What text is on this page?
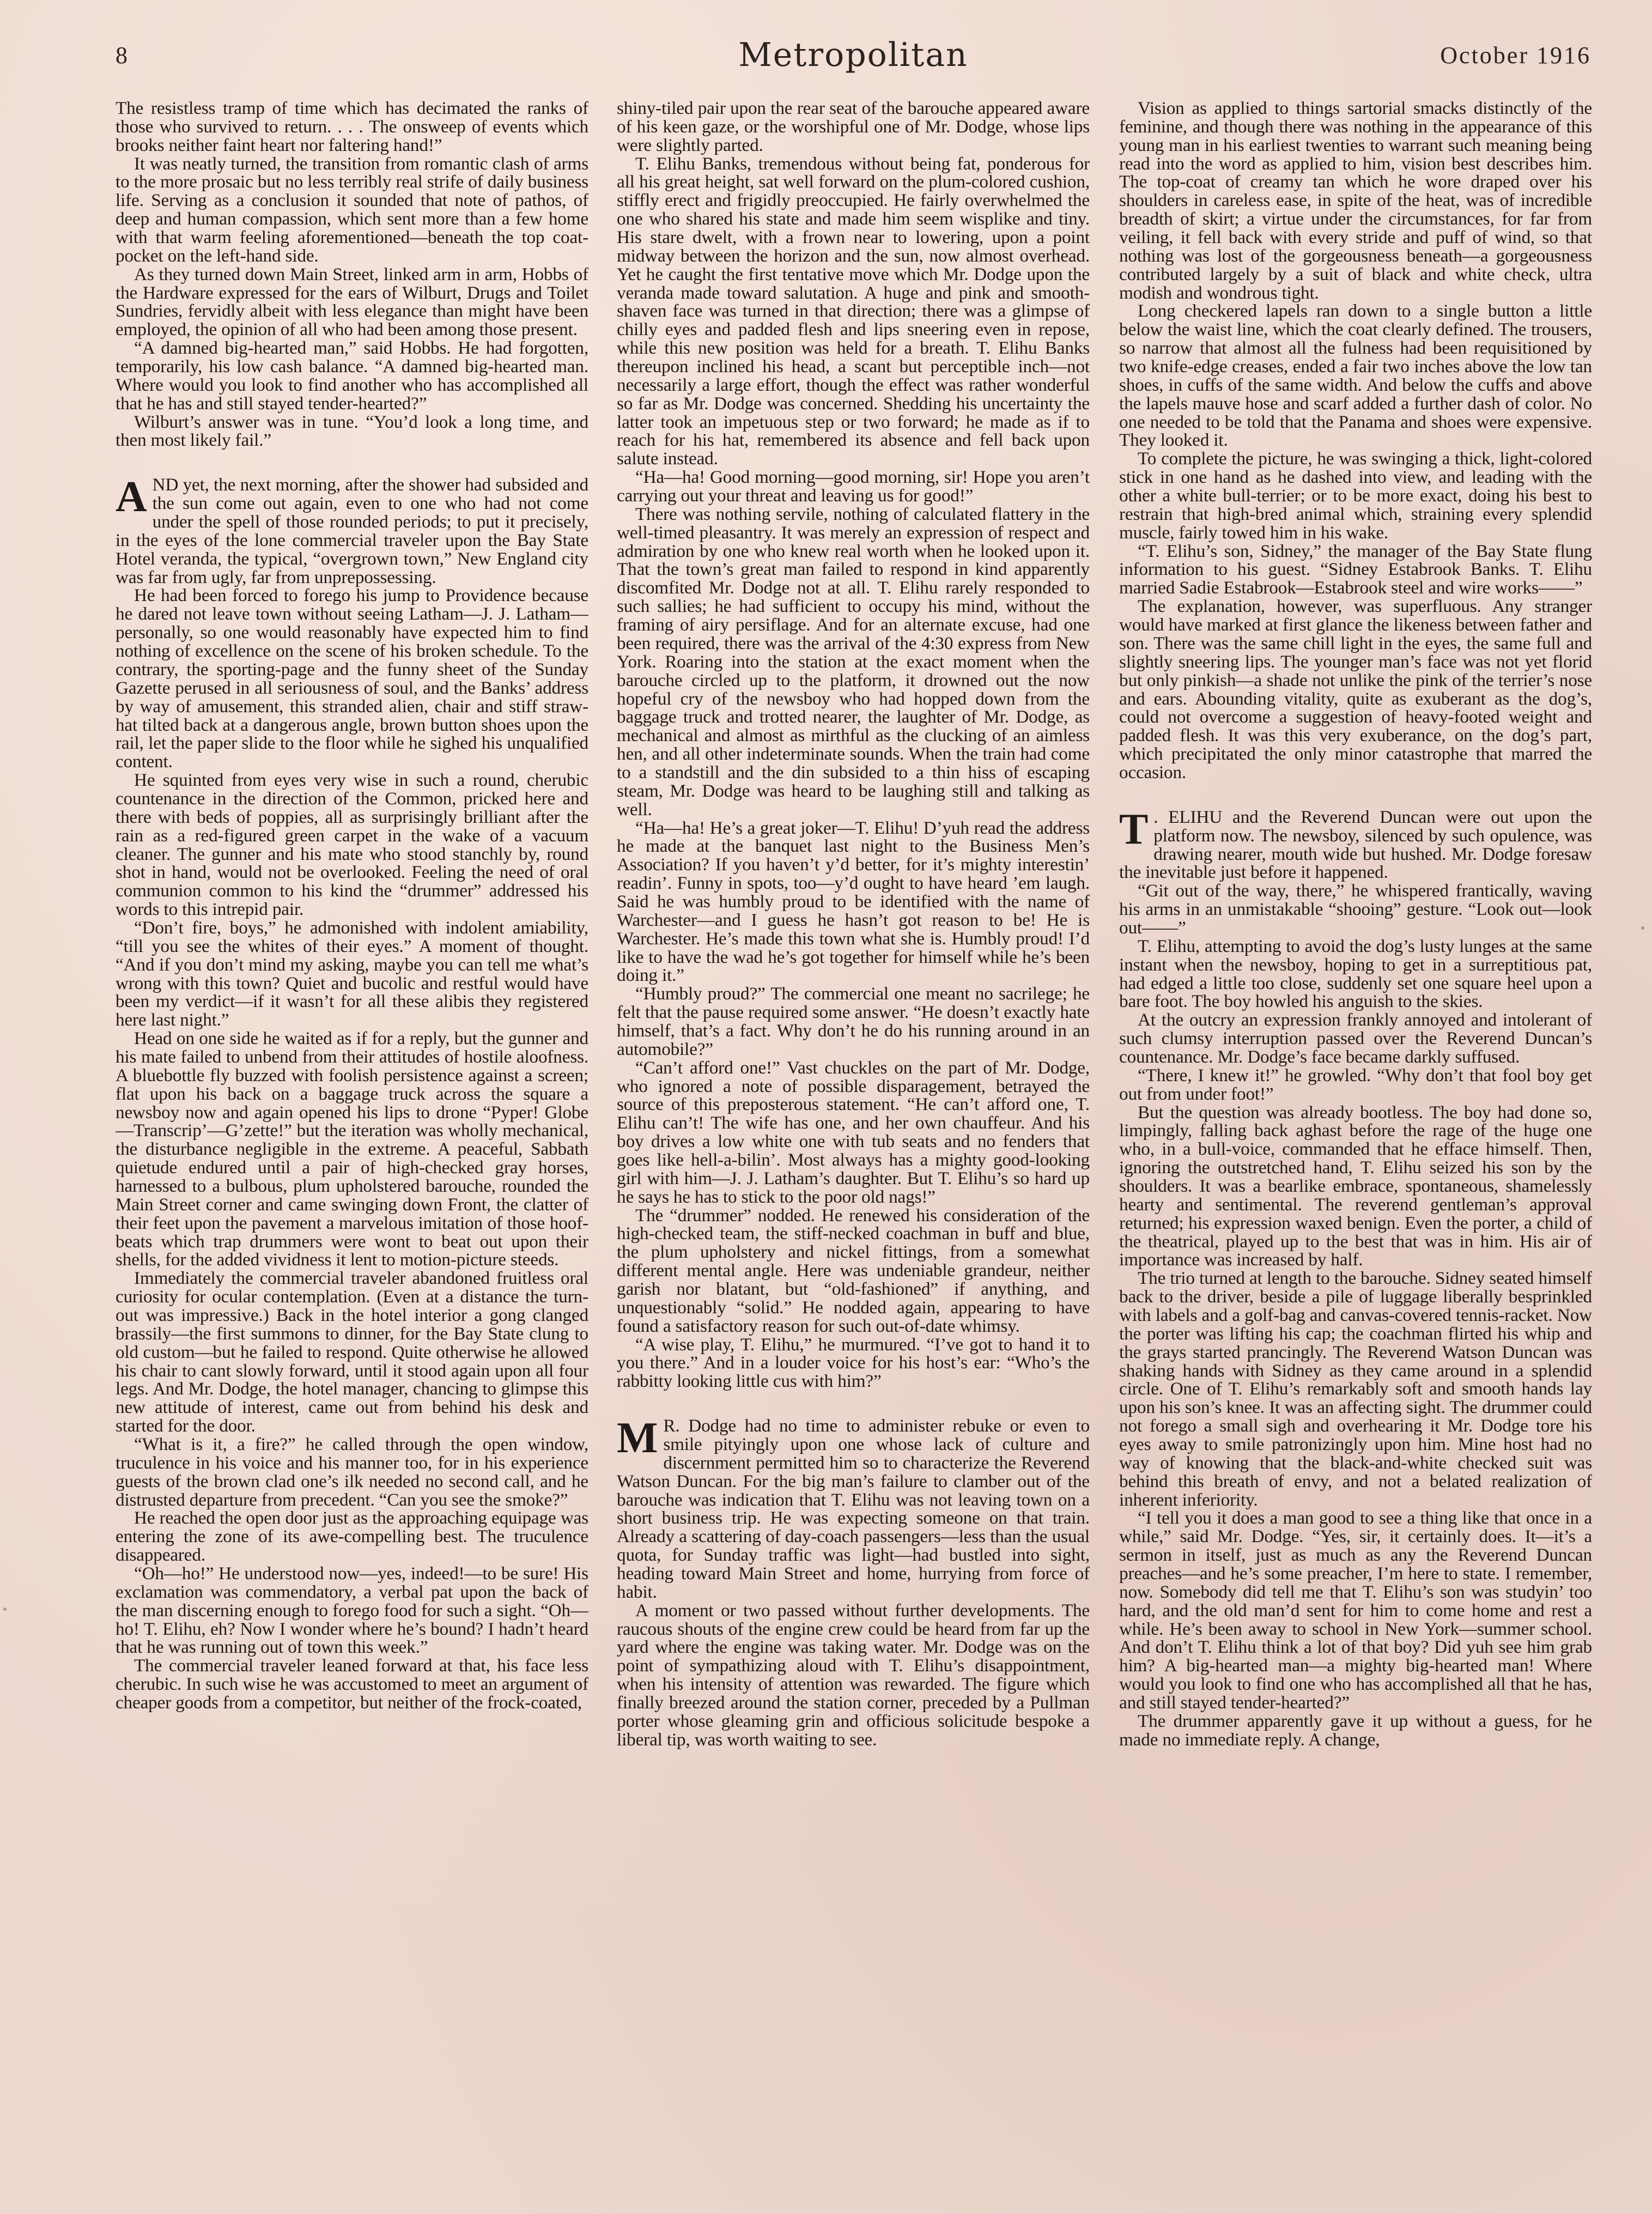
8	Metropolitan	October 1916

The resistless tramp of time which has decimated the ranks of those who survived to return. . . . The onsweep of events which brooks neither faint heart nor faltering hand!”

It was neatly turned, the transition from romantic clash of arms to the more prosaic but no less terribly real strife of daily business life. Serving as a conclusion it sounded that note of pathos, of deep and human compassion, which sent more than a few home with that warm feeling aforementioned—beneath the top coat-pocket on the left-hand side.

As they turned down Main Street, linked arm in arm, Hobbs of the Hardware expressed for the ears of Wilburt, Drugs and Toilet Sundries, fervidly albeit with less elegance than might have been employed, the opinion of all who had been among those present.

“A damned big-hearted man,” said Hobbs. He had forgotten, temporarily, his low cash balance. “A damned big-hearted man. Where would you look to find another who has accomplished all that he has and still stayed tender-hearted?”

Wilburt’s answer was in tune. “You’d look a long time, and then most likely fail.”

AND yet, the next morning, after the shower had subsided and the sun come out again, even to one who had not come under the spell of those rounded periods; to put it precisely, in the eyes of the lone commercial traveler upon the Bay State Hotel veranda, the typical, “overgrown town,” New England city was far from ugly, far from unprepossessing.

He had been forced to forego his jump to Providence because he dared not leave town without seeing Latham—J. J. Latham—personally, so one would reasonably have expected him to find nothing of excellence on the scene of his broken schedule. To the contrary, the sporting-page and the funny sheet of the Sunday Gazette perused in all seriousness of soul, and the Banks’ address by way of amusement, this stranded alien, chair and stiff straw-hat tilted back at a dangerous angle, brown button shoes upon the rail, let the paper slide to the floor while he sighed his unqualified content.

He squinted from eyes very wise in such a round, cherubic countenance in the direction of the Common, pricked here and there with beds of poppies, all as surprisingly brilliant after the rain as a red-figured green carpet in the wake of a vacuum cleaner. The gunner and his mate who stood stanchly by, round shot in hand, would not be overlooked. Feeling the need of oral communion common to his kind the “drummer” addressed his words to this intrepid pair.

“Don’t fire, boys,” he admonished with indolent amiability, “till you see the whites of their eyes.” A moment of thought. “And if you don’t mind my asking, maybe you can tell me what’s wrong with this town? Quiet and bucolic and restful would have been my verdict—if it wasn’t for all these alibis they registered here last night.”

Head on one side he waited as if for a reply, but the gunner and his mate failed to unbend from their attitudes of hostile aloofness. A bluebottle fly buzzed with foolish persistence against a screen; flat upon his back on a baggage truck across the square a newsboy now and again opened his lips to drone “Pyper! Globe—Transcrip’—G’zette!” but the iteration was wholly mechanical, the disturbance negligible in the extreme. A peaceful, Sabbath quietude endured until a pair of high-checked gray horses, harnessed to a bulbous, plum upholstered barouche, rounded the Main Street corner and came swinging down Front, the clatter of their feet upon the pavement a marvelous imitation of those hoof-beats which trap drummers were wont to beat out upon their shells, for the added vividness it lent to motion-picture steeds.

Immediately the commercial traveler abandoned fruitless oral curiosity for ocular contemplation. (Even at a distance the turn-out was impressive.) Back in the hotel interior a gong clanged brassily—the first summons to dinner, for the Bay State clung to old custom—but he failed to respond. Quite otherwise he allowed his chair to cant slowly forward, until it stood again upon all four legs. And Mr. Dodge, the hotel manager, chancing to glimpse this new attitude of interest, came out from behind his desk and started for the door.

“What is it, a fire?” he called through the open window, truculence in his voice and his manner too, for in his experience guests of the brown clad one’s ilk needed no second call, and he distrusted departure from precedent. “Can you see the smoke?”

He reached the open door just as the approaching equipage was entering the zone of its awe-compelling best. The truculence disappeared.

“Oh—ho!” He understood now—yes, indeed!—to be sure! His exclamation was commendatory, a verbal pat upon the back of the man discerning enough to forego food for such a sight. “Oh—ho! T. Elihu, eh? Now I wonder where he’s bound? I hadn’t heard that he was running out of town this week.”

The commercial traveler leaned forward at that, his face less cherubic. In such wise he was accustomed to meet an argument of cheaper goods from a competitor, but neither of the frock-coated,

shiny-tiled pair upon the rear seat of the barouche appeared aware of his keen gaze, or the worshipful one of Mr. Dodge, whose lips were slightly parted.

T. Elihu Banks, tremendous without being fat, ponderous for all his great height, sat well forward on the plum-colored cushion, stiffly erect and frigidly preoccupied. He fairly overwhelmed the one who shared his state and made him seem wisplike and tiny. His stare dwelt, with a frown near to lowering, upon a point midway between the horizon and the sun, now almost overhead. Yet he caught the first tentative move which Mr. Dodge upon the veranda made toward salutation. A huge and pink and smooth-shaven face was turned in that direction; there was a glimpse of chilly eyes and padded flesh and lips sneering even in repose, while this new position was held for a breath. T. Elihu Banks thereupon inclined his head, a scant but perceptible inch—not necessarily a large effort, though the effect was rather wonderful so far as Mr. Dodge was concerned. Shedding his uncertainty the latter took an impetuous step or two forward; he made as if to reach for his hat, remembered its absence and fell back upon salute instead.

“Ha—ha! Good morning—good morning, sir! Hope you aren’t carrying out your threat and leaving us for good!”

There was nothing servile, nothing of calculated flattery in the well-timed pleasantry. It was merely an expression of respect and admiration by one who knew real worth when he looked upon it. That the town’s great man failed to respond in kind apparently discomfited Mr. Dodge not at all. T. Elihu rarely responded to such sallies; he had sufficient to occupy his mind, without the framing of airy persiflage. And for an alternate excuse, had one been required, there was the arrival of the 4:30 express from New York. Roaring into the station at the exact moment when the barouche circled up to the platform, it drowned out the now hopeful cry of the newsboy who had hopped down from the baggage truck and trotted nearer, the laughter of Mr. Dodge, as mechanical and almost as mirthful as the clucking of an aimless hen, and all other indeterminate sounds. When the train had come to a standstill and the din subsided to a thin hiss of escaping steam, Mr. Dodge was heard to be laughing still and talking as well.

“Ha—ha! He’s a great joker—T. Elihu! D’yuh read the address he made at the banquet last night to the Business Men’s Association? If you haven’t y’d better, for it’s mighty interestin’ readin’. Funny in spots, too—y’d ought to have heard ’em laugh. Said he was humbly proud to be identified with the name of Warchester—and I guess he hasn’t got reason to be! He is Warchester. He’s made this town what she is. Humbly proud! I’d like to have the wad he’s got together for himself while he’s been doing it.”

“Humbly proud?” The commercial one meant no sacrilege; he felt that the pause required some answer. “He doesn’t exactly hate himself, that’s a fact. Why don’t he do his running around in an automobile?”

“Can’t afford one!” Vast chuckles on the part of Mr. Dodge, who ignored a note of possible disparagement, betrayed the source of this preposterous statement. “He can’t afford one, T. Elihu can’t! The wife has one, and her own chauffeur. And his boy drives a low white one with tub seats and no fenders that goes like hell-a-bilin’. Most always has a mighty good-looking girl with him—J. J. Latham’s daughter. But T. Elihu’s so hard up he says he has to stick to the poor old nags!”

The “drummer” nodded. He renewed his consideration of the high-checked team, the stiff-necked coachman in buff and blue, the plum upholstery and nickel fittings, from a somewhat different mental angle. Here was undeniable grandeur, neither garish nor blatant, but “old-fashioned” if anything, and unquestionably “solid.” He nodded again, appearing to have found a satisfactory reason for such out-of-date whimsy.

“A wise play, T. Elihu,” he murmured. “I’ve got to hand it to you there.” And in a louder voice for his host’s ear: “Who’s the rabbitty looking little cus with him?”

M R. Dodge had no time to administer rebuke or even to smile pityingly upon one whose lack of culture and discernment permitted him so to characterize the Reverend Watson Duncan. For the big man’s failure to clamber out of the barouche was indication that T. Elihu was not leaving town on a short business trip. He was expecting someone on that train. Already a scattering of day-coach passengers—less than the usual quota, for Sunday traffic was light—had bustled into sight, heading toward Main Street and home, hurrying from force of habit.

A moment or two passed without further developments. The raucous shouts of the engine crew could be heard from far up the yard where the engine was taking water. Mr. Dodge was on the point of sympathizing aloud with T. Elihu’s disappointment, when his intensity of attention was rewarded. The figure which finally breezed around the station corner, preceded by a Pullman porter whose gleaming grin and officious solicitude bespoke a liberal tip, was worth waiting to see.

Vision as applied to things sartorial smacks distinctly of the feminine, and though there was nothing in the appearance of this young man in his earliest twenties to warrant such meaning being read into the word as applied to him, vision best describes him. The top-coat of creamy tan which he wore draped over his shoulders in careless ease, in spite of the heat, was of incredible breadth of skirt; a virtue under the circumstances, for far from veiling, it fell back with every stride and puff of wind, so that nothing was lost of the gorgeousness beneath—a gorgeousness contributed largely by a suit of black and white check, ultra modish and wondrous tight.

Long checkered lapels ran down to a single button a little below the waist line, which the coat clearly defined. The trousers, so narrow that almost all the fulness had been requisitioned by two knife-edge creases, ended a fair two inches above the low tan shoes, in cuffs of the same width. And below the cuffs and above the lapels mauve hose and scarf added a further dash of color. No one needed to be told that the Panama and shoes were expensive. They looked it.

To complete the picture, he was swinging a thick, light-colored stick in one hand as he dashed into view, and leading with the other a white bull-terrier; or to be more exact, doing his best to restrain that high-bred animal which, straining every splendid muscle, fairly towed him in his wake.

“T. Elihu’s son, Sidney,” the manager of the Bay State flung information to his guest. “Sidney Estabrook Banks. T. Elihu married Sadie Estabrook—Estabrook steel and wire works——”

The explanation, however, was superfluous. Any stranger would have marked at first glance the likeness between father and son. There was the same chill light in the eyes, the same full and slightly sneering lips. The younger man’s face was not yet florid but only pinkish—a shade not unlike the pink of the terrier’s nose and ears. Abounding vitality, quite as exuberant as the dog’s, could not overcome a suggestion of heavy-footed weight and padded flesh. It was this very exuberance, on the dog’s part, which precipitated the only minor catastrophe that marred the occasion.

T . ELIHU and the Reverend Duncan were out upon the platform now. The newsboy, silenced by such opulence, was drawing nearer, mouth wide but hushed. Mr. Dodge foresaw the inevitable just before it happened.

“Git out of the way, there,” he whispered frantically, waving his arms in an unmistakable “shooing” gesture. “Look out—look out——”

T. Elihu, attempting to avoid the dog’s lusty lunges at the same instant when the newsboy, hoping to get in a surreptitious pat, had edged a little too close, suddenly set one square heel upon a bare foot. The boy howled his anguish to the skies.

At the outcry an expression frankly annoyed and intolerant of such clumsy interruption passed over the Reverend Duncan’s countenance. Mr. Dodge’s face became darkly suffused.

“There, I knew it!” he growled. “Why don’t that fool boy get out from under foot!”

But the question was already bootless. The boy had done so, limpingly, falling back aghast before the rage of the huge one who, in a bull-voice, commanded that he efface himself. Then, ignoring the outstretched hand, T. Elihu seized his son by the shoulders. It was a bearlike embrace, spontaneous, shamelessly hearty and sentimental. The reverend gentleman’s approval returned; his expression waxed benign. Even the porter, a child of the theatrical, played up to the best that was in him. His air of importance was increased by half.

The trio turned at length to the barouche. Sidney seated himself back to the driver, beside a pile of luggage liberally besprinkled with labels and a golf-bag and canvas-covered tennis-racket. Now the porter was lifting his cap; the coachman flirted his whip and the grays started prancingly. The Reverend Watson Duncan was shaking hands with Sidney as they came around in a splendid circle. One of T. Elihu’s remarkably soft and smooth hands lay upon his son’s knee. It was an affecting sight. The drummer could not forego a small sigh and overhearing it Mr. Dodge tore his eyes away to smile patronizingly upon him. Mine host had no way of knowing that the black-and-white checked suit was behind this breath of envy, and not a belated realization of inherent inferiority.

“I tell you it does a man good to see a thing like that once in a while,” said Mr. Dodge. “Yes, sir, it certainly does. It—it’s a sermon in itself, just as much as any the Reverend Duncan preaches—and he’s some preacher, I’m here to state. I remember, now. Somebody did tell me that T. Elihu’s son was studyin’ too hard, and the old man’d sent for him to come home and rest a while. He’s been away to school in New York—summer school. And don’t T. Elihu think a lot of that boy? Did yuh see him grab him? A big-hearted man—a mighty big-hearted man! Where would you look to find one who has accomplished all that he has, and still stayed tender-hearted?”

The drummer apparently gave it up without a guess, for he made no immediate reply. A change,
